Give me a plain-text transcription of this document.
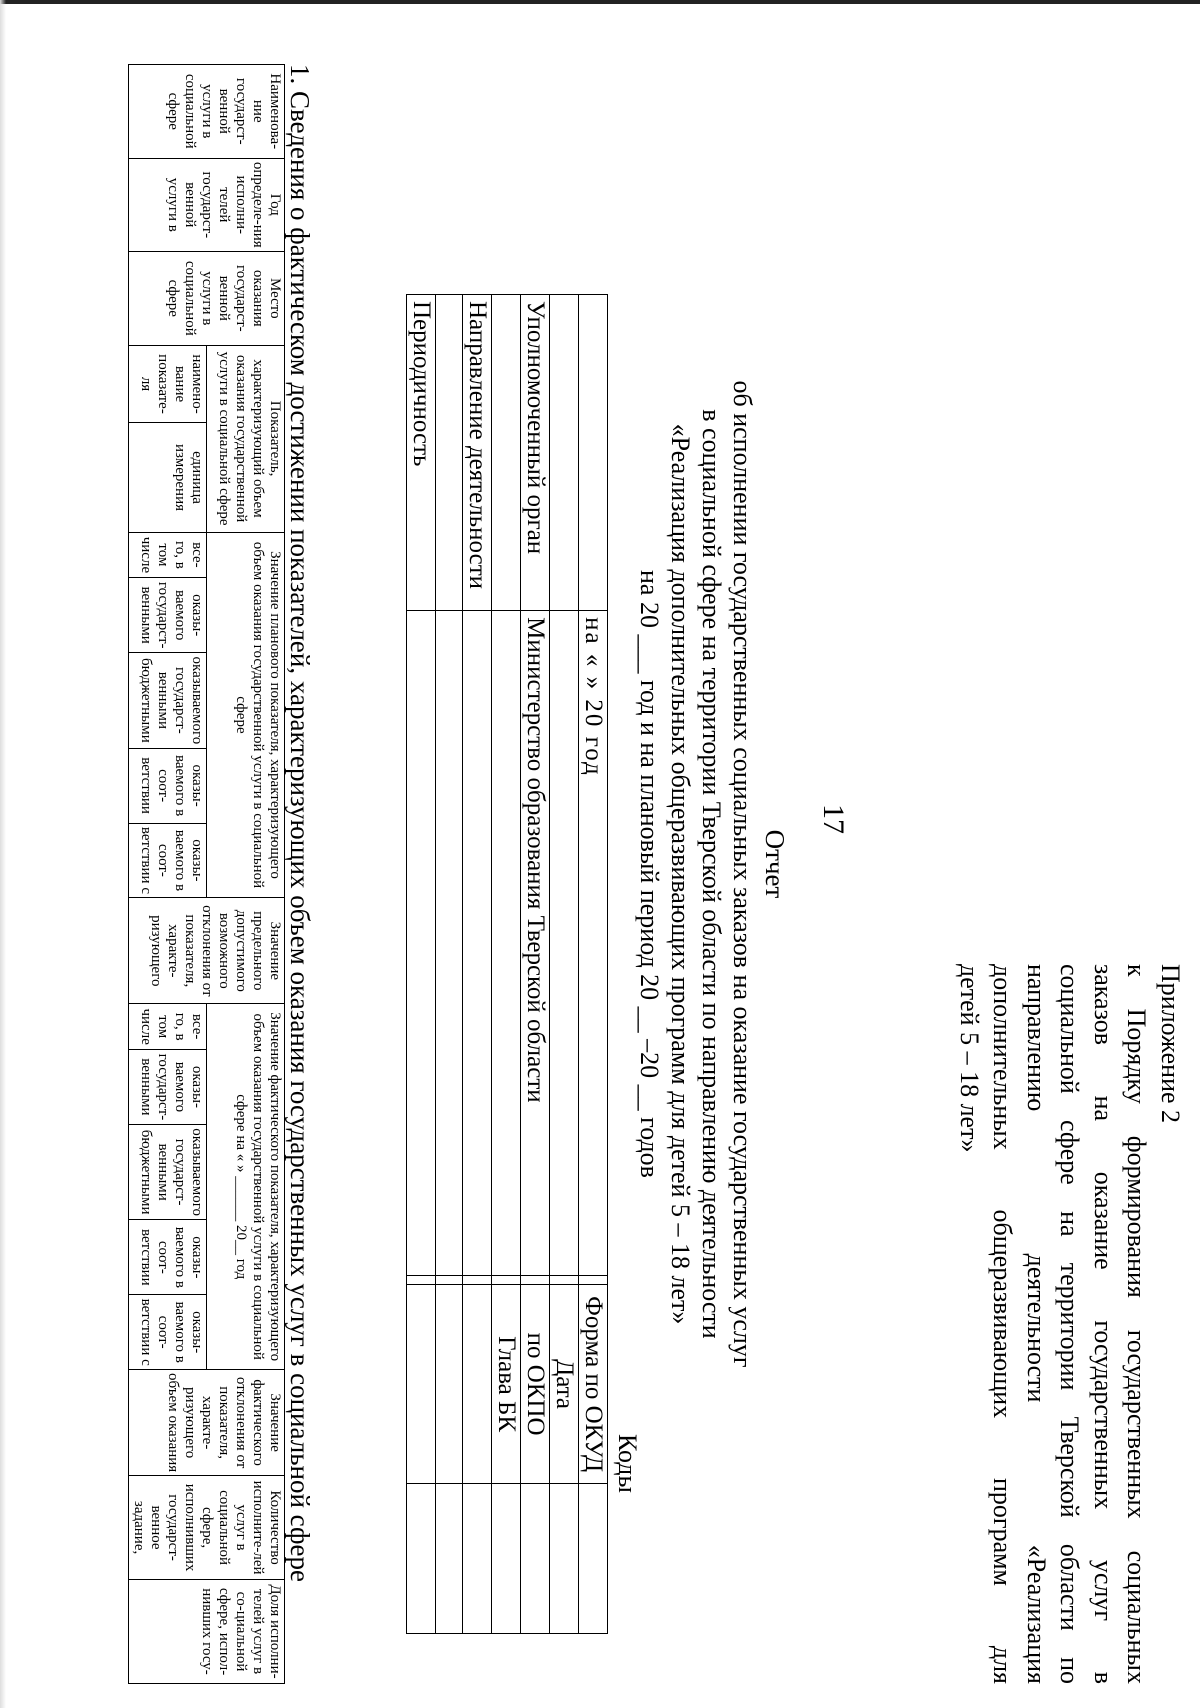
17
Приложение 2
к Порядку формирования государственных социальных
заказов на оказание государственных услуг в
социальной сфере на территории Тверской области по
направлению деятельности «Реализация
дополнительных общеразвивающих программ для
детей 5 – 18 лет»
Отчет
об исполнении государственных социальных заказов на оказание государственных услуг
в социальной сфере на территории Тверской области по направлению деятельности
«Реализация дополнительных общеразвивающих программ для детей 5 – 18 лет»
на 20 ___ год и на плановый период 20 __ –20 __ годов
Коды
	на « » 20 год		Форма по ОКУД	
			Дата	
Уполномоченный орган	Министерство образования Тверской области		по ОКПО	
			Глава БК	
Направление деятельности				

Периодичность				
1. Сведения о фактическом достижении показателей, характеризующих объем оказания государственных услуг в социальной сфере
Наименова-ние государст-венной услуги в социальной сфере	Год определе-ния исполни-телей государст-венной услуги в	Место оказания государст-венной услуги в социальной сфере	Показатель, характеризующий объем оказания государственной услуги в социальной сфере		Значение планового показателя, характеризующего объем оказания государственной услуги в социальной сфере					Значение предельного допустимого возможного отклонения от показателя, характе-ризующего	Значение фактического показателя, характеризующего объем оказания государственной услуги в социальной сфере на « » ______ 20__ год					Значение фактического отклонения от показателя, характе-ризующего объем оказания	Количество исполните-лей услуг в социальной сфере, исполнивших государст-венное задание,	Доля исполни-телей услуг в со-циальной сфере, испол-нивших госу-
			наимено-вание показате-ля	единица измерения	все-го, в том числе	оказы-ваемого государст-венными	оказываемого государст-венными бюджетными	оказы-ваемого в соот-ветствии	оказы-ваемого в соот-ветствии с		все-го, в том числе	оказы-ваемого государст-венными	оказываемого государст-венными бюджетными	оказы-ваемого в соот-ветствии	оказы-ваемого в соот-ветствии с			
